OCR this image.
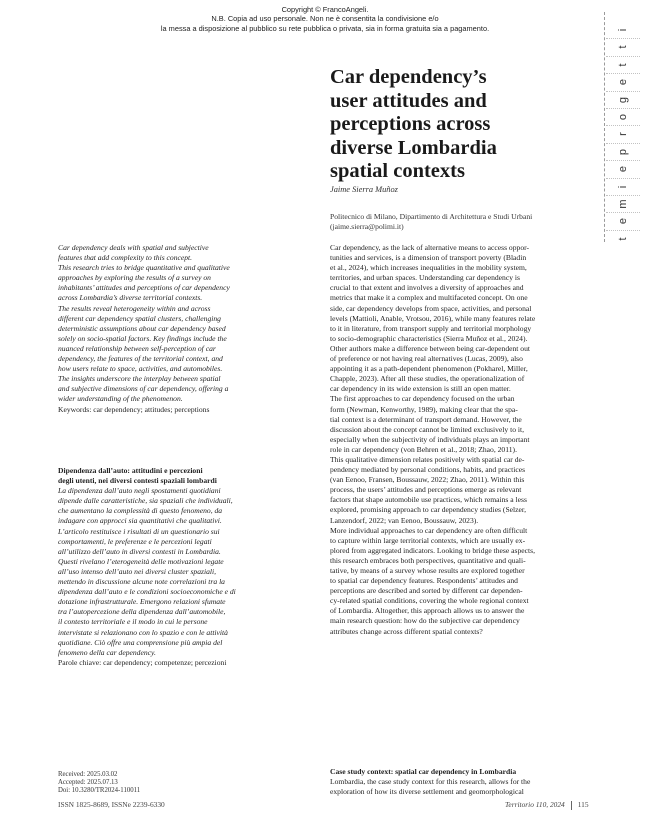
Copyright © FrancoAngeli.
N.B. Copia ad uso personale. Non ne è consentita la condivisione e/o
la messa a disposizione al pubblico su rete pubblica o privata, sia in forma gratuita sia a pagamento.
t
e
m
i
e
p
r
o
g
e
t
t
i
Car dependency’s
user attitudes and
perceptions across
diverse Lombardia
spatial contexts
Jaime Sierra Muñoz
Politecnico di Milano, Dipartimento di Architettura e Studi Urbani
(jaime.sierra@polimi.it)
Car dependency deals with spatial and subjective
features that add complexity to this concept.
This research tries to bridge quantitative and qualitative
approaches by exploring the results of a survey on
inhabitants’ attitudes and perceptions of car dependency
across Lombardia’s diverse territorial contexts.
The results reveal heterogeneity within and across
different car dependency spatial clusters, challenging
deterministic assumptions about car dependency based
solely on socio-spatial factors. Key findings include the
nuanced relationship between self-perception of car
dependency, the features of the territorial context, and
how users relate to space, activities, and automobiles.
The insights underscore the interplay between spatial
and subjective dimensions of car dependency, offering a
wider understanding of the phenomenon.
Keywords: car dependency; attitudes; perceptions
Dipendenza dall’auto: attitudini e percezioni
degli utenti, nei diversi contesti spaziali lombardi
La dipendenza dall’auto negli spostamenti quotidiani
dipende dalle caratteristiche, sia spaziali che individuali,
che aumentano la complessità di questo fenomeno, da
indagare con approcci sia quantitativi che qualitativi.
L’articolo restituisce i risultati di un questionario sui
comportamenti, le preferenze e le percezioni legati
all’utilizzo dell’auto in diversi contesti in Lombardia.
Questi rivelano l’eterogeneità delle motivazioni legate
all’uso intenso dell’auto nei diversi cluster spaziali,
mettendo in discussione alcune note correlazioni tra la
dipendenza dall’auto e le condizioni socioeconomiche e di
dotazione infrastrutturale. Emergono relazioni sfumate
tra l’autopercezione della dipendenza dall’automobile,
il contesto territoriale e il modo in cui le persone
intervistate si relazionano con lo spazio e con le attività
quotidiane. Ciò offre una comprensione più ampia del
fenomeno della car dependency.
Parole chiave: car dependency; competenze; percezioni
Received: 2025.03.02
Accepted: 2025.07.13
Doi: 10.3280/TR2024-110011
Car dependency, as the lack of alternative means to access oppor-
tunities and services, is a dimension of transport poverty (Bladin
et al., 2024), which increases inequalities in the mobility system,
territories, and urban spaces. Understanding car dependency is
crucial to that extent and involves a diversity of approaches and
metrics that make it a complex and multifaceted concept. On one
side, car dependency develops from space, activities, and personal
levels (Mattioli, Anable, Vrotsou, 2016), while many features relate
to it in literature, from transport supply and territorial morphology
to socio-demographic characteristics (Sierra Muñoz et al., 2024).
Other authors make a difference between being car-dependent out
of preference or not having real alternatives (Lucas, 2009), also
appointing it as a path-dependent phenomenon (Pokharel, Miller,
Chapple, 2023). After all these studies, the operationalization of
car dependency in its wide extension is still an open matter.
The first approaches to car dependency focused on the urban
form (Newman, Kenworthy, 1989), making clear that the spa-
tial context is a determinant of transport demand. However, the
discussion about the concept cannot be limited exclusively to it,
especially when the subjectivity of individuals plays an important
role in car dependency (von Behren et al., 2018; Zhao, 2011).
This qualitative dimension relates positively with spatial car de-
pendency mediated by personal conditions, habits, and practices
(van Eenoo, Fransen, Boussauw, 2022; Zhao, 2011). Within this
process, the users’ attitudes and perceptions emerge as relevant
factors that shape automobile use practices, which remains a less
explored, promising approach to car dependency studies (Selzer,
Lanzendorf, 2022; van Eenoo, Boussauw, 2023).
More individual approaches to car dependency are often difficult
to capture within large territorial contexts, which are usually ex-
plored from aggregated indicators. Looking to bridge these aspects,
this research embraces both perspectives, quantitative and quali-
tative, by means of a survey whose results are explored together
to spatial car dependency features. Respondents’ attitudes and
perceptions are described and sorted by different car dependen-
cy-related spatial conditions, covering the whole regional context
of Lombardia. Altogether, this approach allows us to answer the
main research question: how do the subjective car dependency
attributes change across different spatial contexts?
Case study context: spatial car dependency in Lombardia
Lombardia, the case study context for this research, allows for the
exploration of how its diverse settlement and geomorphological
ISSN 1825-8689, ISSNe 2239-6330	Territorio 110, 2024 115
